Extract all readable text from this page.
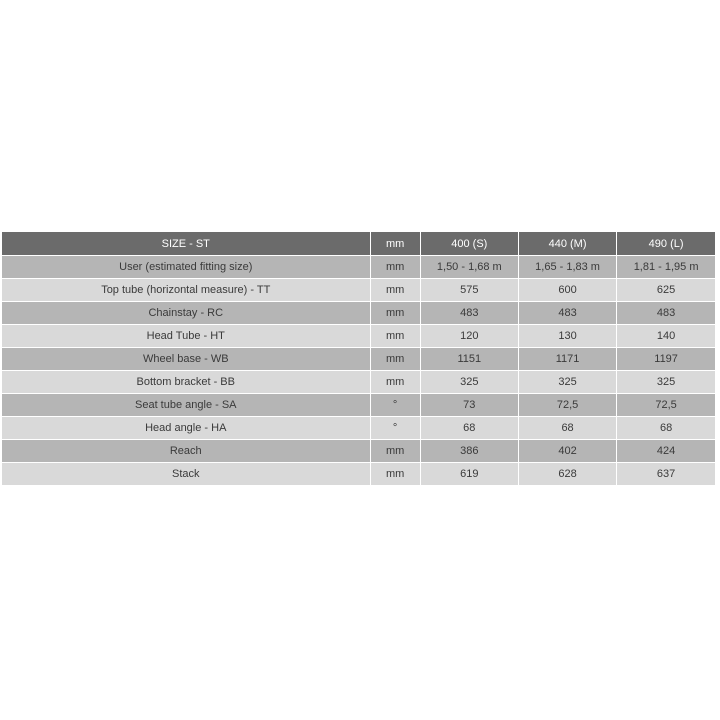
SIZE - ST	mm	400 (S)	440 (M)	490 (L)
User (estimated fitting size)	mm	1,50 - 1,68 m	1,65 - 1,83 m	1,81 - 1,95 m
Top tube (horizontal measure) - TT	mm	575	600	625
Chainstay - RC	mm	483	483	483
Head Tube - HT	mm	120	130	140
Wheel base - WB	mm	1151	1171	1197
Bottom bracket - BB	mm	325	325	325
Seat tube angle - SA	°	73	72,5	72,5
Head angle - HA	°	68	68	68
Reach	mm	386	402	424
Stack	mm	619	628	637
